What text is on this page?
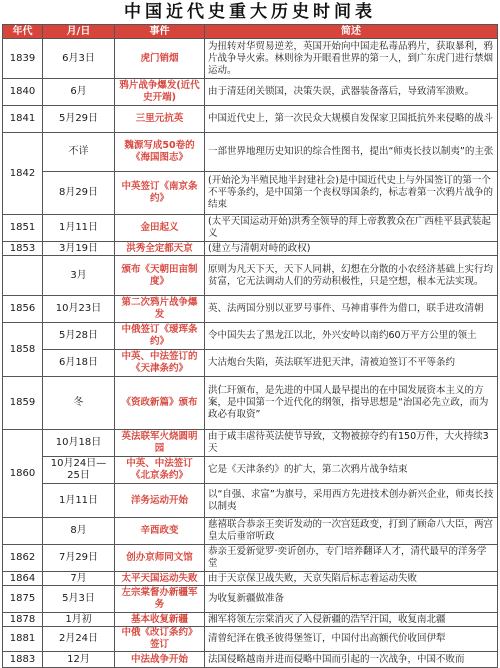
中国近代史重大历史时间表
年代	月/日	事件	简述
1839	6月3日	虎门销烟	为扭转对华贸易逆差，英国开始向中国走私毒品鸦片，获取暴利，鸦片战争导火索。林则徐为开眼看世界的第一人，到广东虎门进行禁烟运动。
1840	6月	鸦片战争爆发(近代史开端)	由于清廷闭关锁国，决策失误，武器装备落后，导致清军溃败。
1841	5月29日	三里元抗英	中国近代史上，第一次民众大规模自发保家卫国抵抗外来侵略的战斗
1842	不详	魏源写成50卷的《海国图志》	一部世界地理历史知识的综合性图书，提出“师夷长技以制夷”的主张
	8月29日	中英签订《南京条约》	(开始沦为半殖民地半封建社会)是中国近代史上与外国签订的第一个不平等条约，是中国第一个丧权辱国条约，标志着第一次鸦片战争的结束
1851	1月11日	金田起义	(太平天国运动开始)洪秀全领导的拜上帝教教众在广西桂平县武装起义
1853	3月19日	洪秀全定都天京	(建立与清朝对峙的政权)
	3月	颁布《天朝田亩制度》	原则为凡天下天，天下人同耕，幻想在分散的小农经济基础上实行均贫富，它无法调动人们的劳动积极性，只是空想，根本无法实现。
1856	10月23日	第二次鸦片战争爆发	英、法两国分别以亚罗号事件、马神甫事件为借口，联手进攻清朝
1858	5月28日	中俄签订《瑷珲条约》	令中国失去了黑龙江以北，外兴安岭以南约60万平方公里的领土
	6月18日	中英、中法签订的《天津条约》	大沽炮台失陷，英法联军进犯天津，清被迫签订不平等条约
1859	冬	《资政新篇》颁布	洪仁玕颁布，是先进的中国人最早提出的在中国发展资本主义的方案，是中国第一个近代化的纲领，指导思想是“治国必先立政，而为政必有取资”
1860	10月18日	英法联军火烧圆明园	由于咸丰虐待英法使节导致，文物被掠夺约有150万件，大火持续3天
	10月24日—25日	中英、中法签订《北京条约》	它是《天津条约》的扩大，第二次鸦片战争结束
	1月11日	洋务运动开始	以“自强、求富”为旗号，采用西方先进技术创办新兴企业，师夷长技以制夷
	8月	辛酉政变	慈禧联合恭亲王奕䜣发动的一次宫廷政变，打到了顾命八大臣，两宫皇太后垂帘听政
1862	7月29日	创办京师同文馆	恭亲王爱新觉罗·奕䜣创办，专门培养翻译人才，清代最早的洋务学堂
1864	7月	太平天国运动失败	由于天京保卫战失败，天京失陷后标志着运动失败
1875	5月3日	左宗棠督办新疆军务	为收复新疆做准备
1878	1月初	基本收复新疆	湘军将领左宗棠消灭了入侵新疆的浩罕汗国，收复南北疆
1881	2月24日	中俄《改订条约》签订	清曾纪泽在俄圣彼得堡签订，中国付出高额代价收回伊犁
1883	12月	中法战争开始	法国侵略越南并进而侵略中国而引起的一次战争，中国不败而
